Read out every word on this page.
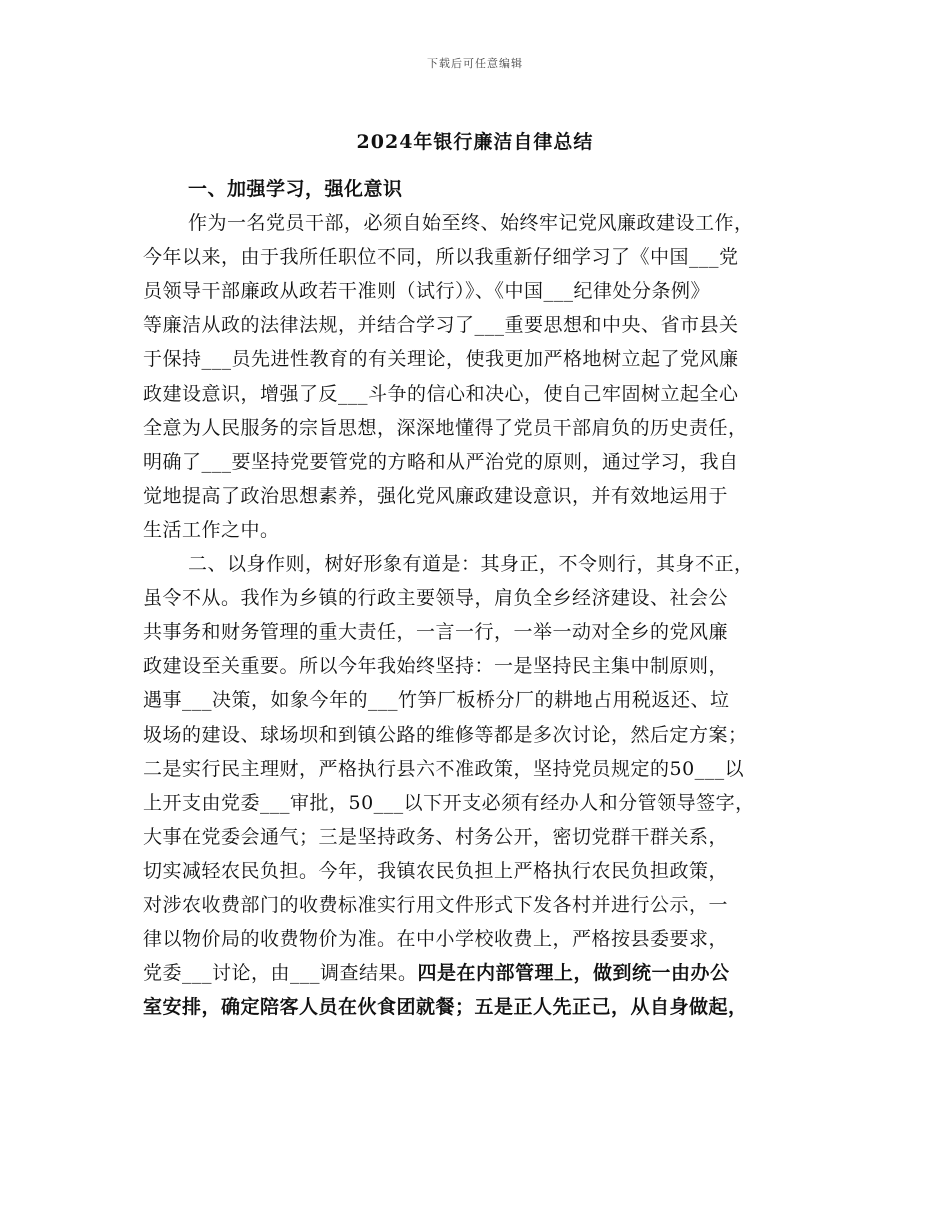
下载后可任意编辑
2024年银行廉洁自律总结
一、加强学习，强化意识
作为一名党员干部，必须自始至终、始终牢记党风廉政建设工作，
今年以来，由于我所任职位不同，所以我重新仔细学习了《中国___党
员领导干部廉政从政若干准则（试行）》、《中国___纪律处分条例》
等廉洁从政的法律法规，并结合学习了___重要思想和中央、省市县关
于保持___员先进性教育的有关理论，使我更加严格地树立起了党风廉
政建设意识，增强了反___斗争的信心和决心，使自己牢固树立起全心
全意为人民服务的宗旨思想，深深地懂得了党员干部肩负的历史责任，
明确了___要坚持党要管党的方略和从严治党的原则，通过学习，我自
觉地提高了政治思想素养，强化党风廉政建设意识，并有效地运用于
生活工作之中。
二、以身作则，树好形象有道是：其身正，不令则行，其身不正，
虽令不从。我作为乡镇的行政主要领导，肩负全乡经济建设、社会公
共事务和财务管理的重大责任，一言一行，一举一动对全乡的党风廉
政建设至关重要。所以今年我始终坚持：一是坚持民主集中制原则，
遇事___决策，如象今年的___竹笋厂板桥分厂的耕地占用税返还、垃
圾场的建设、球场坝和到镇公路的维修等都是多次讨论，然后定方案；
二是实行民主理财，严格执行县六不准政策，坚持党员规定的50___以
上开支由党委___审批，50___以下开支必须有经办人和分管领导签字，
大事在党委会通气；三是坚持政务、村务公开，密切党群干群关系，
切实减轻农民负担。今年，我镇农民负担上严格执行农民负担政策，
对涉农收费部门的收费标准实行用文件形式下发各村并进行公示，一
律以物价局的收费物价为准。在中小学校收费上，严格按县委要求，
党委___讨论，由___调查结果。四是在内部管理上，做到统一由办公
室安排，确定陪客人员在伙食团就餐；五是正人先正己，从自身做起，
